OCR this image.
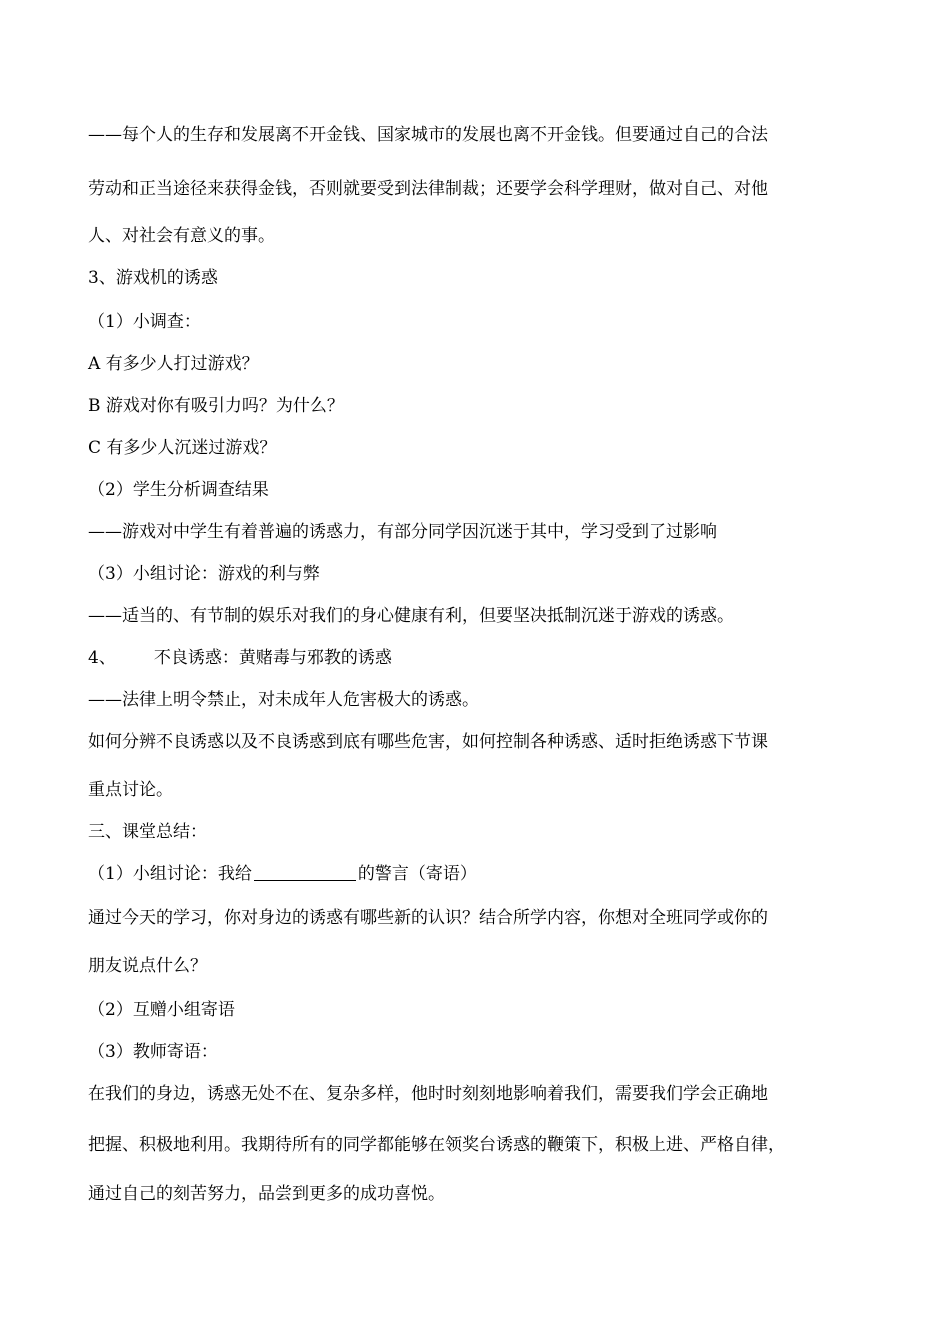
——每个人的生存和发展离不开金钱、国家城市的发展也离不开金钱。但要通过自己的合法
劳动和正当途径来获得金钱，否则就要受到法律制裁；还要学会科学理财，做对自己、对他
人、对社会有意义的事。
3、游戏机的诱惑
（1）小调查：
A 有多少人打过游戏？
B 游戏对你有吸引力吗？为什么？
C 有多少人沉迷过游戏？
（2）学生分析调查结果
——游戏对中学生有着普遍的诱惑力，有部分同学因沉迷于其中，学习受到了过影响
（3）小组讨论：游戏的利与弊
——适当的、有节制的娱乐对我们的身心健康有利，但要坚决抵制沉迷于游戏的诱惑。
4、 不良诱惑：黄赌毒与邪教的诱惑
——法律上明令禁止，对未成年人危害极大的诱惑。
如何分辨不良诱惑以及不良诱惑到底有哪些危害，如何控制各种诱惑、适时拒绝诱惑下节课
重点讨论。
三、课堂总结：
（1）小组讨论：我给	的警言（寄语）
通过今天的学习，你对身边的诱惑有哪些新的认识？结合所学内容，你想对全班同学或你的
朋友说点什么？
（2）互赠小组寄语
（3）教师寄语：
在我们的身边，诱惑无处不在、复杂多样，他时时刻刻地影响着我们，需要我们学会正确地
把握、积极地利用。我期待所有的同学都能够在领奖台诱惑的鞭策下，积极上进、严格自律，
通过自己的刻苦努力，品尝到更多的成功喜悦。
